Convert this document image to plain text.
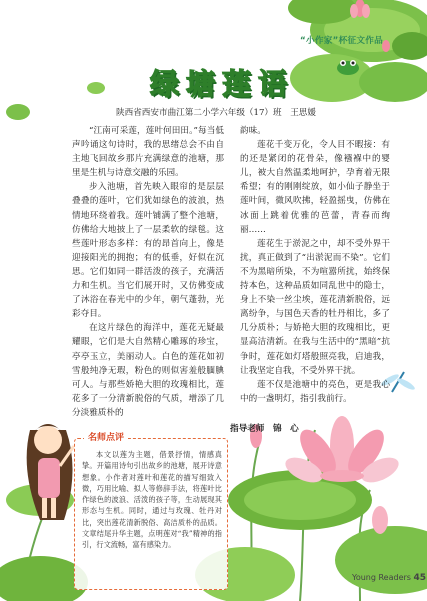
“小作家”杯征文作品
绿塘莲语
陕西省西安市曲江第二小学六年级（17）班　王思媛

“江南可采莲，莲叶何田田。”每当低声吟诵这句诗时，我的思绪总会不由自主地飞回故乡那片充满绿意的池塘，那里是生机与诗意交融的乐园。

步入池塘，首先映入眼帘的是层层叠叠的莲叶，它们犹如绿色的波浪，热情地环绕着我。莲叶铺满了整个池塘，仿佛给大地披上了一层柔软的绿毯。这些莲叶形态多样：有的昂首向上，像是迎接阳光的拥抱；有的低垂，好似在沉思。它们如同一群活泼的孩子，充满活力和生机。当它们展开时，又仿佛变成了沐浴在春光中的少年，朝气蓬勃，光彩夺目。

在这片绿色的海洋中，莲花无疑最耀眼，它们是大自然精心雕琢的珍宝，亭亭玉立，美丽动人。白色的莲花如初雪般纯净无瑕，粉色的则似害羞般腼腆可人。与那些娇艳大胆的玫瑰相比，莲花多了一分清新脱俗的气质，增添了几分淡雅质朴的

韵味。

莲花千变万化，令人目不暇接：有的还是紧闭的花骨朵，像襁褓中的婴儿，被大自然温柔地呵护，孕育着无限希望；有的刚刚绽放，如小仙子静坐于莲叶间，微风吹拂，轻盈摇曳，仿佛在冰面上跳着优雅的芭蕾，青春而绚丽……

莲花生于淤泥之中，却不受外界干扰，真正做到了“出淤泥而不染”。它们不为黑暗所染，不为喧嚣所扰，始终保持本色，这种品质如同乱世中的隐士，身上不染一丝尘埃，莲花清新脱俗，远离纷争，与国色天香的牡丹相比，多了几分质朴；与娇艳大胆的玫瑰相比，更显高洁清新。在我与生活中的“黑暗”抗争时，莲花如灯塔般照亮我，启迪我，让我坚定自我，不受外界干扰。

莲不仅是池塘中的亮色，更是我心中的一盏明灯，指引我前行。

指导老师　锦　心
名师点评
本文以莲为主题，借景抒情，情感真挚。开篇用诗句引出故乡的池塘，展开诗意想象。小作者对莲叶和莲花的描写细致入微，巧用比喻、拟人等修辞手法，将莲叶比作绿色的波浪、活泼的孩子等，生动展现其形态与生机。同时，通过与玫瑰、牡丹对比，突出莲花清新脱俗、高洁质朴的品质。文章结尾升华主题，点明莲对“我”精神的指引，行文流畅，富有感染力。
Young Readers 45
